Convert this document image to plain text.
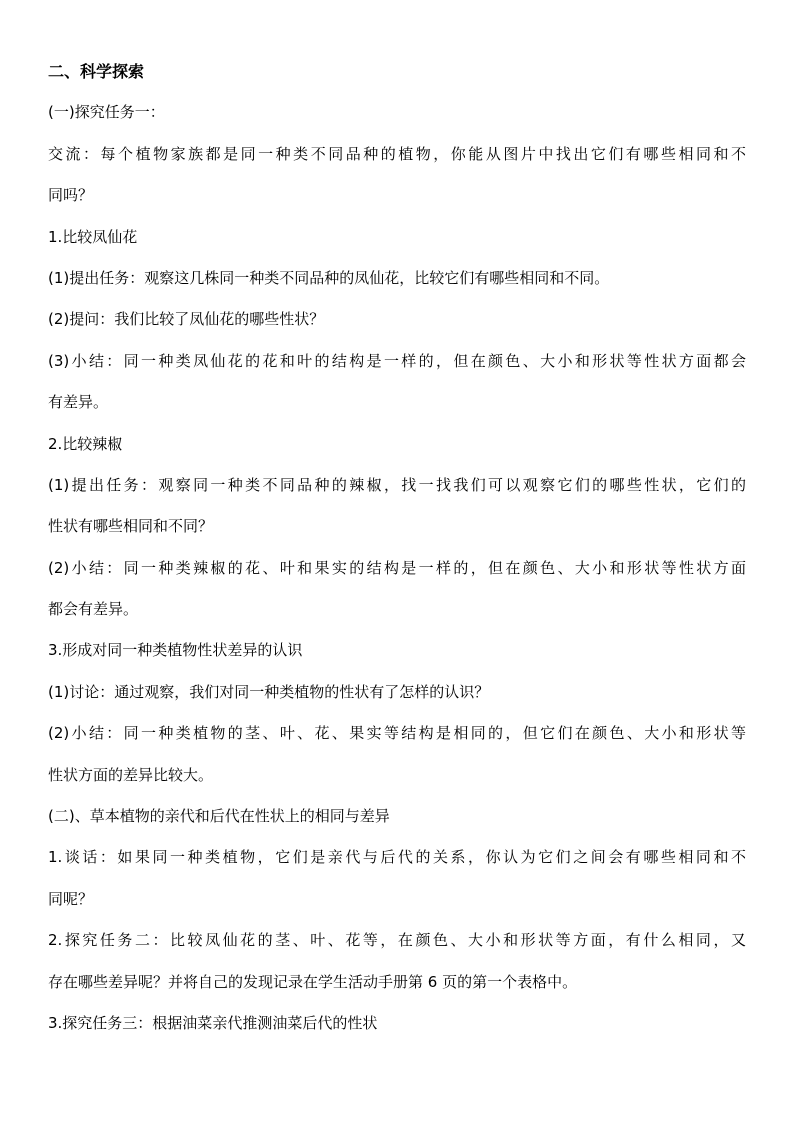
二、科学探索
(一)探究任务一：
交流：每个植物家族都是同一种类不同品种的植物，你能从图片中找出它们有哪些相同和不
同吗？
1.比较凤仙花
(1)提出任务：观察这几株同一种类不同品种的凤仙花，比较它们有哪些相同和不同。
(2)提问：我们比较了凤仙花的哪些性状？
(3)小结：同一种类凤仙花的花和叶的结构是一样的，但在颜色、大小和形状等性状方面都会
有差异。
2.比较辣椒
(1)提出任务：观察同一种类不同品种的辣椒，找一找我们可以观察它们的哪些性状，它们的
性状有哪些相同和不同？
(2)小结：同一种类辣椒的花、叶和果实的结构是一样的，但在颜色、大小和形状等性状方面
都会有差异。
3.形成对同一种类植物性状差异的认识
(1)讨论：通过观察，我们对同一种类植物的性状有了怎样的认识？
(2)小结：同一种类植物的茎、叶、花、果实等结构是相同的，但它们在颜色、大小和形状等
性状方面的差异比较大。
(二)、草本植物的亲代和后代在性状上的相同与差异
1.谈话：如果同一种类植物，它们是亲代与后代的关系，你认为它们之间会有哪些相同和不
同呢？
2.探究任务二：比较凤仙花的茎、叶、花等，在颜色、大小和形状等方面，有什么相同，又
存在哪些差异呢？并将自己的发现记录在学生活动手册第 6 页的第一个表格中。
3.探究任务三：根据油菜亲代推测油菜后代的性状
